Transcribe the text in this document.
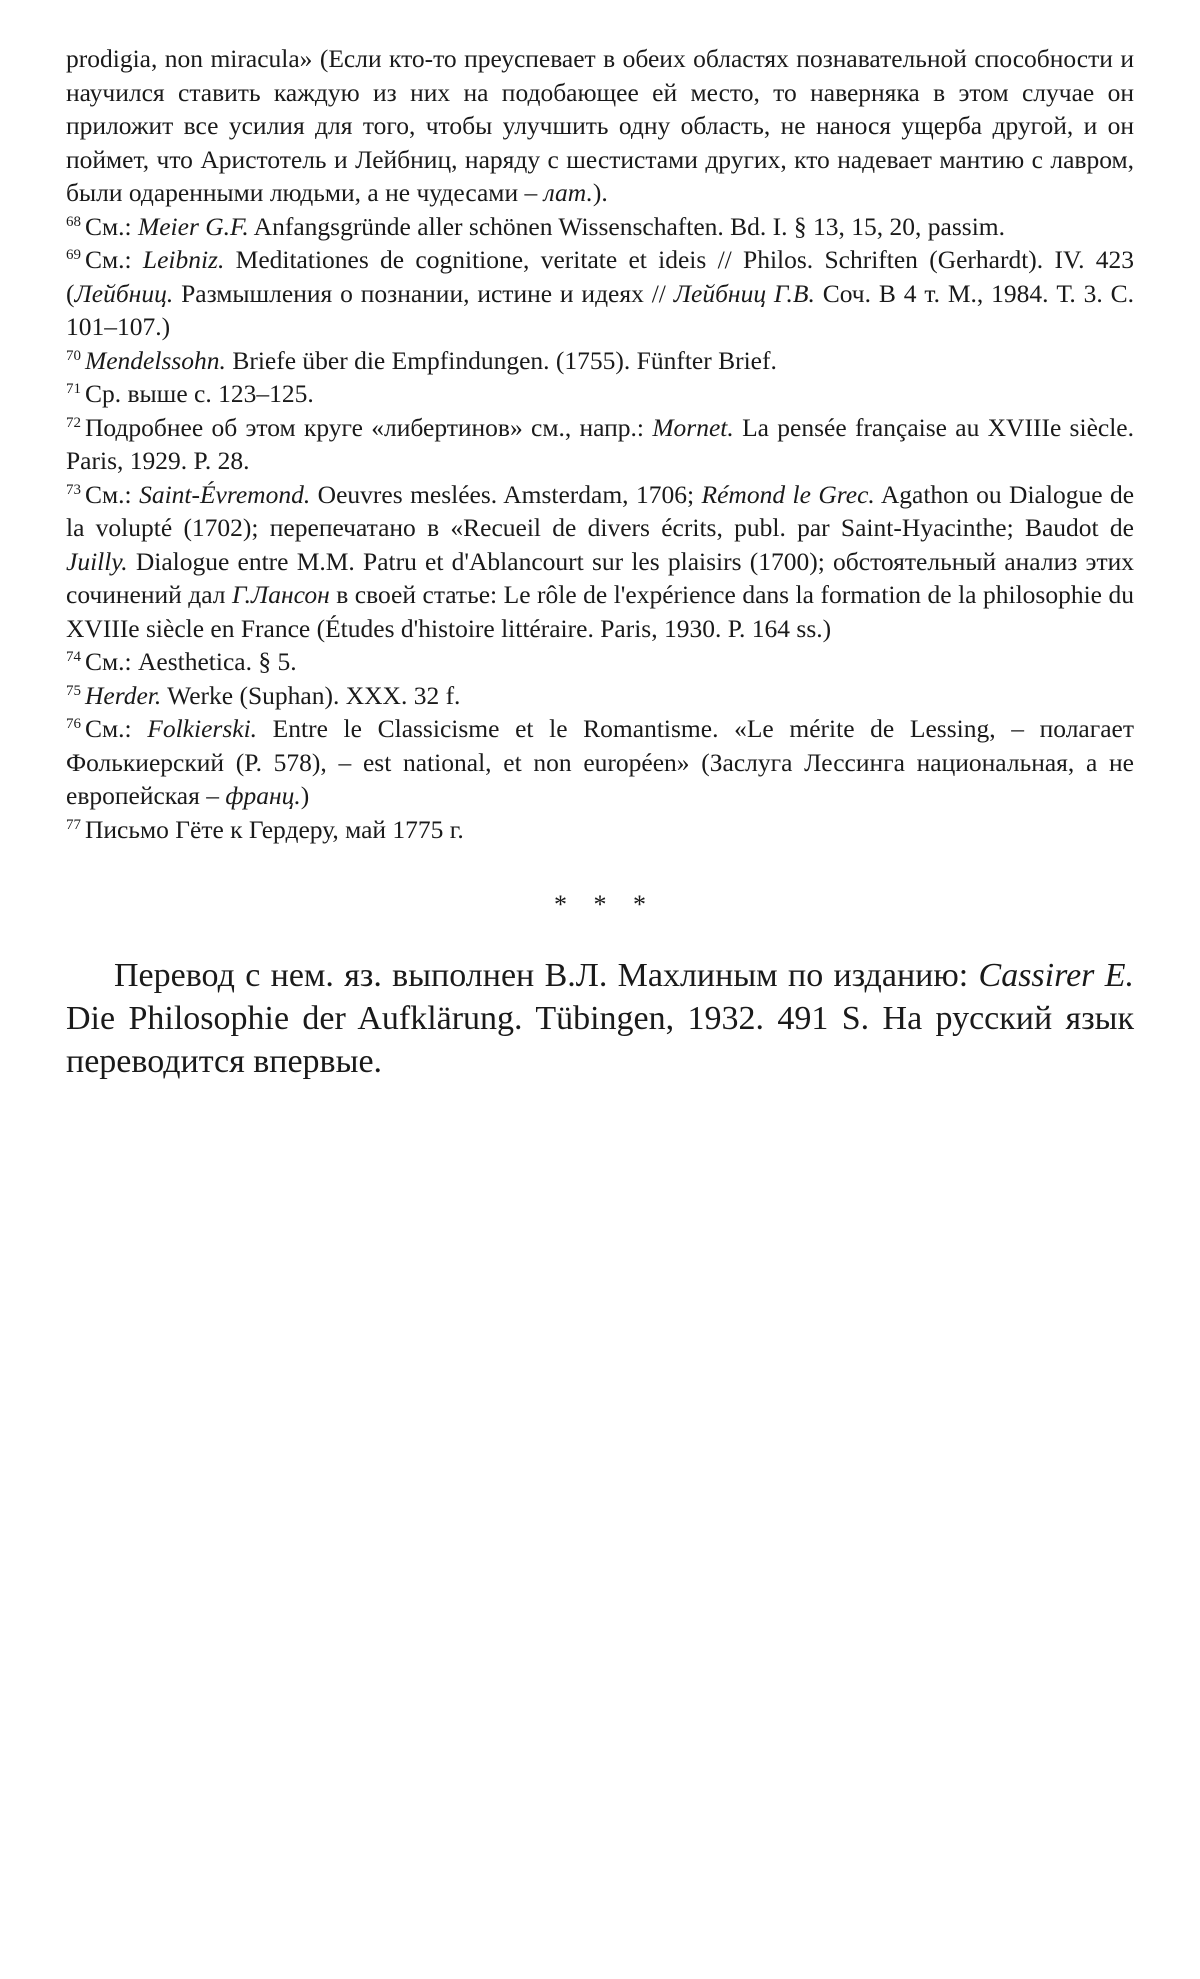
prodigia, non miracula» (Если кто-то преуспевает в обеих областях познавательной способности и научился ставить каждую из них на подобающее ей место, то наверняка в этом случае он приложит все усилия для того, чтобы улучшить одну область, не нанося ущерба другой, и он поймет, что Аристотель и Лейбниц, наряду с шестистами других, кто надевает мантию с лавром, были одаренными людьми, а не чудесами – лат.).

$^{68}$ См.: Meier G.F. Anfangsgründe aller schönen Wissenschaften. Bd. I. § 13, 15, 20, passim.

$^{69}$ См.: Leibniz. Meditationes de cognitione, veritate et ideis // Philos. Schriften (Gerhardt). IV. 423 (Лейбниц. Размышления о познании, истине и идеях // Лейбниц Г.В. Соч. В 4 т. М., 1984. Т. 3. С. 101–107.)

$^{70}$ Mendelssohn. Briefe über die Empfindungen. (1755). Fünfter Brief.

$^{71}$ Ср. выше с. 123–125.

$^{72}$ Подробнее об этом круге «либертинов» см., напр.: Mornet. La pensée française au XVIIIe siècle. Paris, 1929. P. 28.

$^{73}$ См.: Saint-Évremond. Oeuvres meslées. Amsterdam, 1706; Rémond le Grec. Agathon ou Dialogue de la volupté (1702); перепечатано в «Recueil de divers écrits, publ. par Saint-Hyacinthe; Baudot de Juilly. Dialogue entre M.M. Patru et d'Ablancourt sur les plaisirs (1700); обстоятельный анализ этих сочинений дал Г.Лансон в своей статье: Le rôle de l'expérience dans la formation de la philosophie du XVIIIe siècle en France (Études d'histoire littéraire. Paris, 1930. P. 164 ss.)

$^{74}$ См.: Aesthetica. § 5.

$^{75}$ Herder. Werke (Suphan). XXX. 32 f.

$^{76}$ См.: Folkierski. Entre le Classicisme et le Romantisme. «Le mérite de Lessing, – полагает Фолькиерский (P. 578), – est national, et non européen» (Заслуга Лессинга национальная, а не европейская – франц.)

$^{77}$ Письмо Гёте к Гердеру, май 1775 г.

* * *

Перевод с нем. яз. выполнен В.Л. Махлиным по изданию: Cassirer E. Die Philosophie der Aufklärung. Tübingen, 1932. 491 S. На русский язык переводится впервые.
